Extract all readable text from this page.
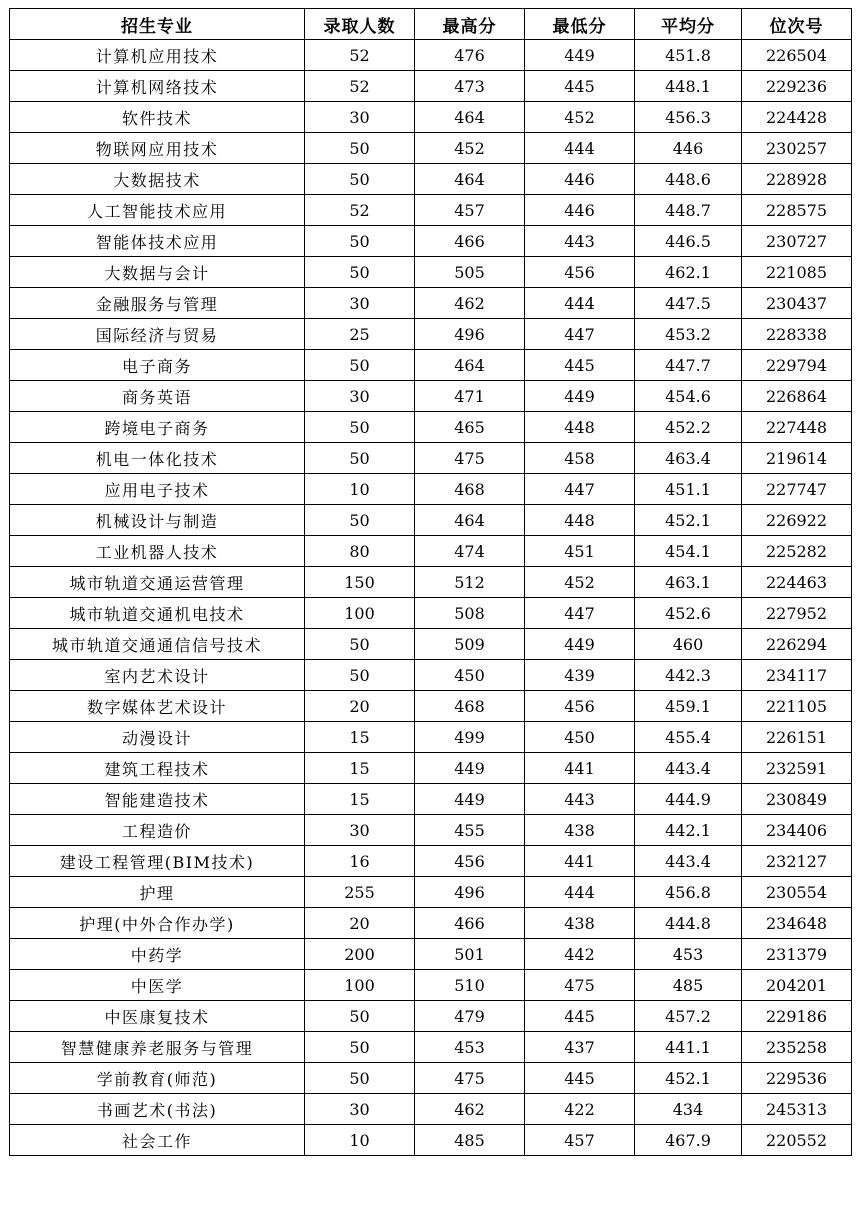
招生专业	录取人数	最高分	最低分	平均分	位次号
计算机应用技术	52	476	449	451.8	226504
计算机网络技术	52	473	445	448.1	229236
软件技术	30	464	452	456.3	224428
物联网应用技术	50	452	444	446	230257
大数据技术	50	464	446	448.6	228928
人工智能技术应用	52	457	446	448.7	228575
智能体技术应用	50	466	443	446.5	230727
大数据与会计	50	505	456	462.1	221085
金融服务与管理	30	462	444	447.5	230437
国际经济与贸易	25	496	447	453.2	228338
电子商务	50	464	445	447.7	229794
商务英语	30	471	449	454.6	226864
跨境电子商务	50	465	448	452.2	227448
机电一体化技术	50	475	458	463.4	219614
应用电子技术	10	468	447	451.1	227747
机械设计与制造	50	464	448	452.1	226922
工业机器人技术	80	474	451	454.1	225282
城市轨道交通运营管理	150	512	452	463.1	224463
城市轨道交通机电技术	100	508	447	452.6	227952
城市轨道交通通信信号技术	50	509	449	460	226294
室内艺术设计	50	450	439	442.3	234117
数字媒体艺术设计	20	468	456	459.1	221105
动漫设计	15	499	450	455.4	226151
建筑工程技术	15	449	441	443.4	232591
智能建造技术	15	449	443	444.9	230849
工程造价	30	455	438	442.1	234406
建设工程管理(BIM技术)	16	456	441	443.4	232127
护理	255	496	444	456.8	230554
护理(中外合作办学)	20	466	438	444.8	234648
中药学	200	501	442	453	231379
中医学	100	510	475	485	204201
中医康复技术	50	479	445	457.2	229186
智慧健康养老服务与管理	50	453	437	441.1	235258
学前教育(师范)	50	475	445	452.1	229536
书画艺术(书法)	30	462	422	434	245313
社会工作	10	485	457	467.9	220552
